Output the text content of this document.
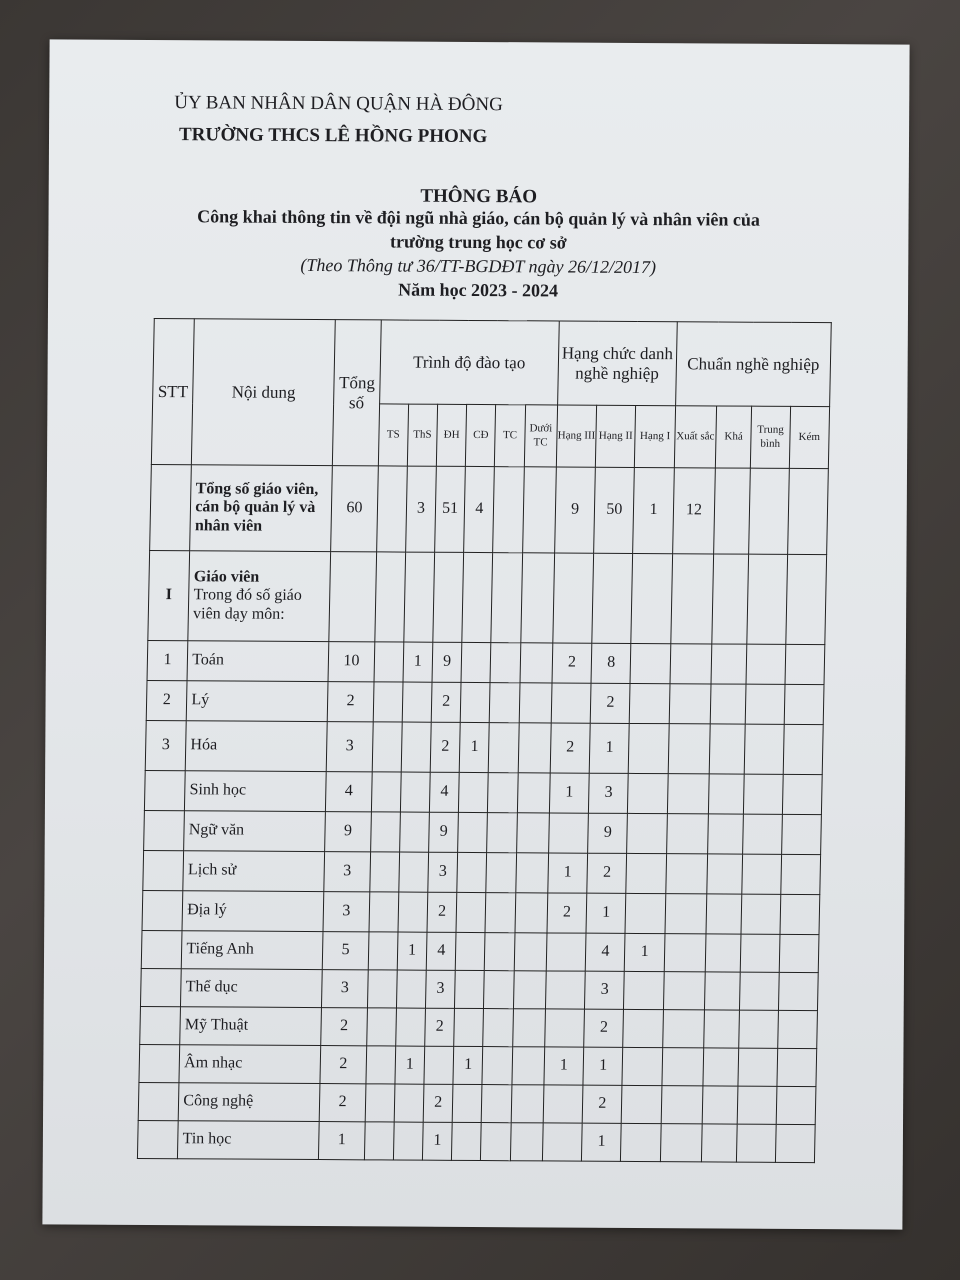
ỦY BAN NHÂN DÂN QUẬN HÀ ĐÔNG
TRƯỜNG THCS LÊ HỒNG PHONG
THÔNG BÁO
Công khai thông tin về đội ngũ nhà giáo, cán bộ quản lý và nhân viên của
trường trung học cơ sở
(Theo Thông tư 36/TT-BGDĐT ngày 26/12/2017)
Năm học 2023 - 2024
STT	Nội dung	Tổng số	Trình độ đào tạo						Hạng chức danh nghề nghiệp			Chuẩn nghề nghiệp			
			TS	ThS	ĐH	CĐ	TC	Dưới TC	Hạng III	Hạng II	Hạng I	Xuất sắc	Khá	Trung bình	Kém
	Tổng số giáo viên, cán bộ quản lý và nhân viên	60		3	51	4			9	50	1	12			
I	Giáo viên
Trong đó số giáo viên dạy môn:														

1	Toán	10		1	9				2	8					
2	Lý	2			2					2					
3	Hóa	3			2	1			2	1					
	Sinh học	4			4				1	3					
	Ngữ văn	9			9					9					
	Lịch sử	3			3				1	2					
	Địa lý	3			2				2	1					
	Tiếng Anh	5		1	4					4	1				
	Thể dục	3			3					3					
	Mỹ Thuật	2			2					2					
	Âm nhạc	2		1		1			1	1					
	Công nghệ	2			2					2					
	Tin học	1			1					1					
